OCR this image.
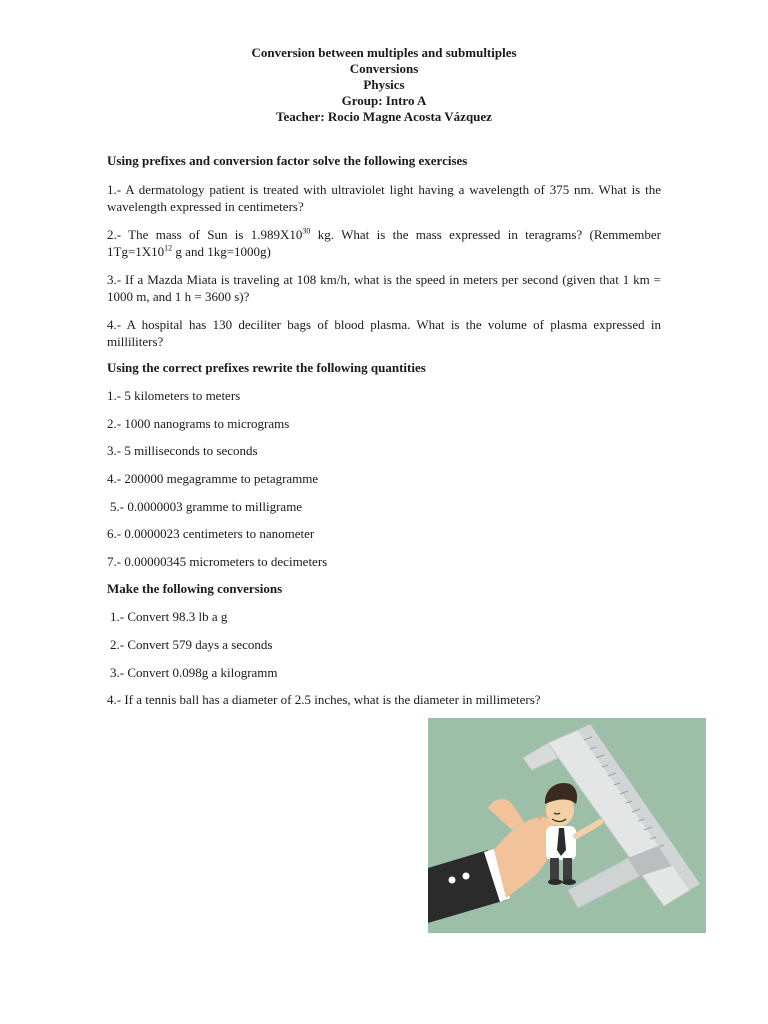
Conversion between multiples and submultiples
Conversions
Physics
Group: Intro A
Teacher: Rocio Magne Acosta Vázquez
Using prefixes and conversion factor solve the following exercises
1.- A dermatology patient is treated with ultraviolet light having a wavelength of 375 nm. What is the wavelength expressed in centimeters?
2.- The mass of Sun is $1.989X10^{30}$ kg. What is the mass expressed in teragrams? (Remmember $1Tg=1X10^{12}$ g and 1kg=1000g)
3.- If a Mazda Miata is traveling at 108 km/h, what is the speed in meters per second (given that 1 km = 1000 m, and 1 h = 3600 s)?
4.- A hospital has 130 deciliter bags of blood plasma. What is the volume of plasma expressed in milliliters?
Using the correct prefixes rewrite the following quantities
1.- 5 kilometers to meters
2.- 1000 nanograms to micrograms
3.- 5 milliseconds to seconds
4.- 200000 megagramme to petagramme
5.- 0.0000003 gramme to milligrame
6.- 0.0000023 centimeters to nanometer
7.- 0.00000345 micrometers to decimeters
Make the following conversions
1.- Convert 98.3 lb a g
2.- Convert 579 days a seconds
3.- Convert 0.098g a kilogramm
4.- If a tennis ball has a diameter of 2.5 inches, what is the diameter in millimeters?
